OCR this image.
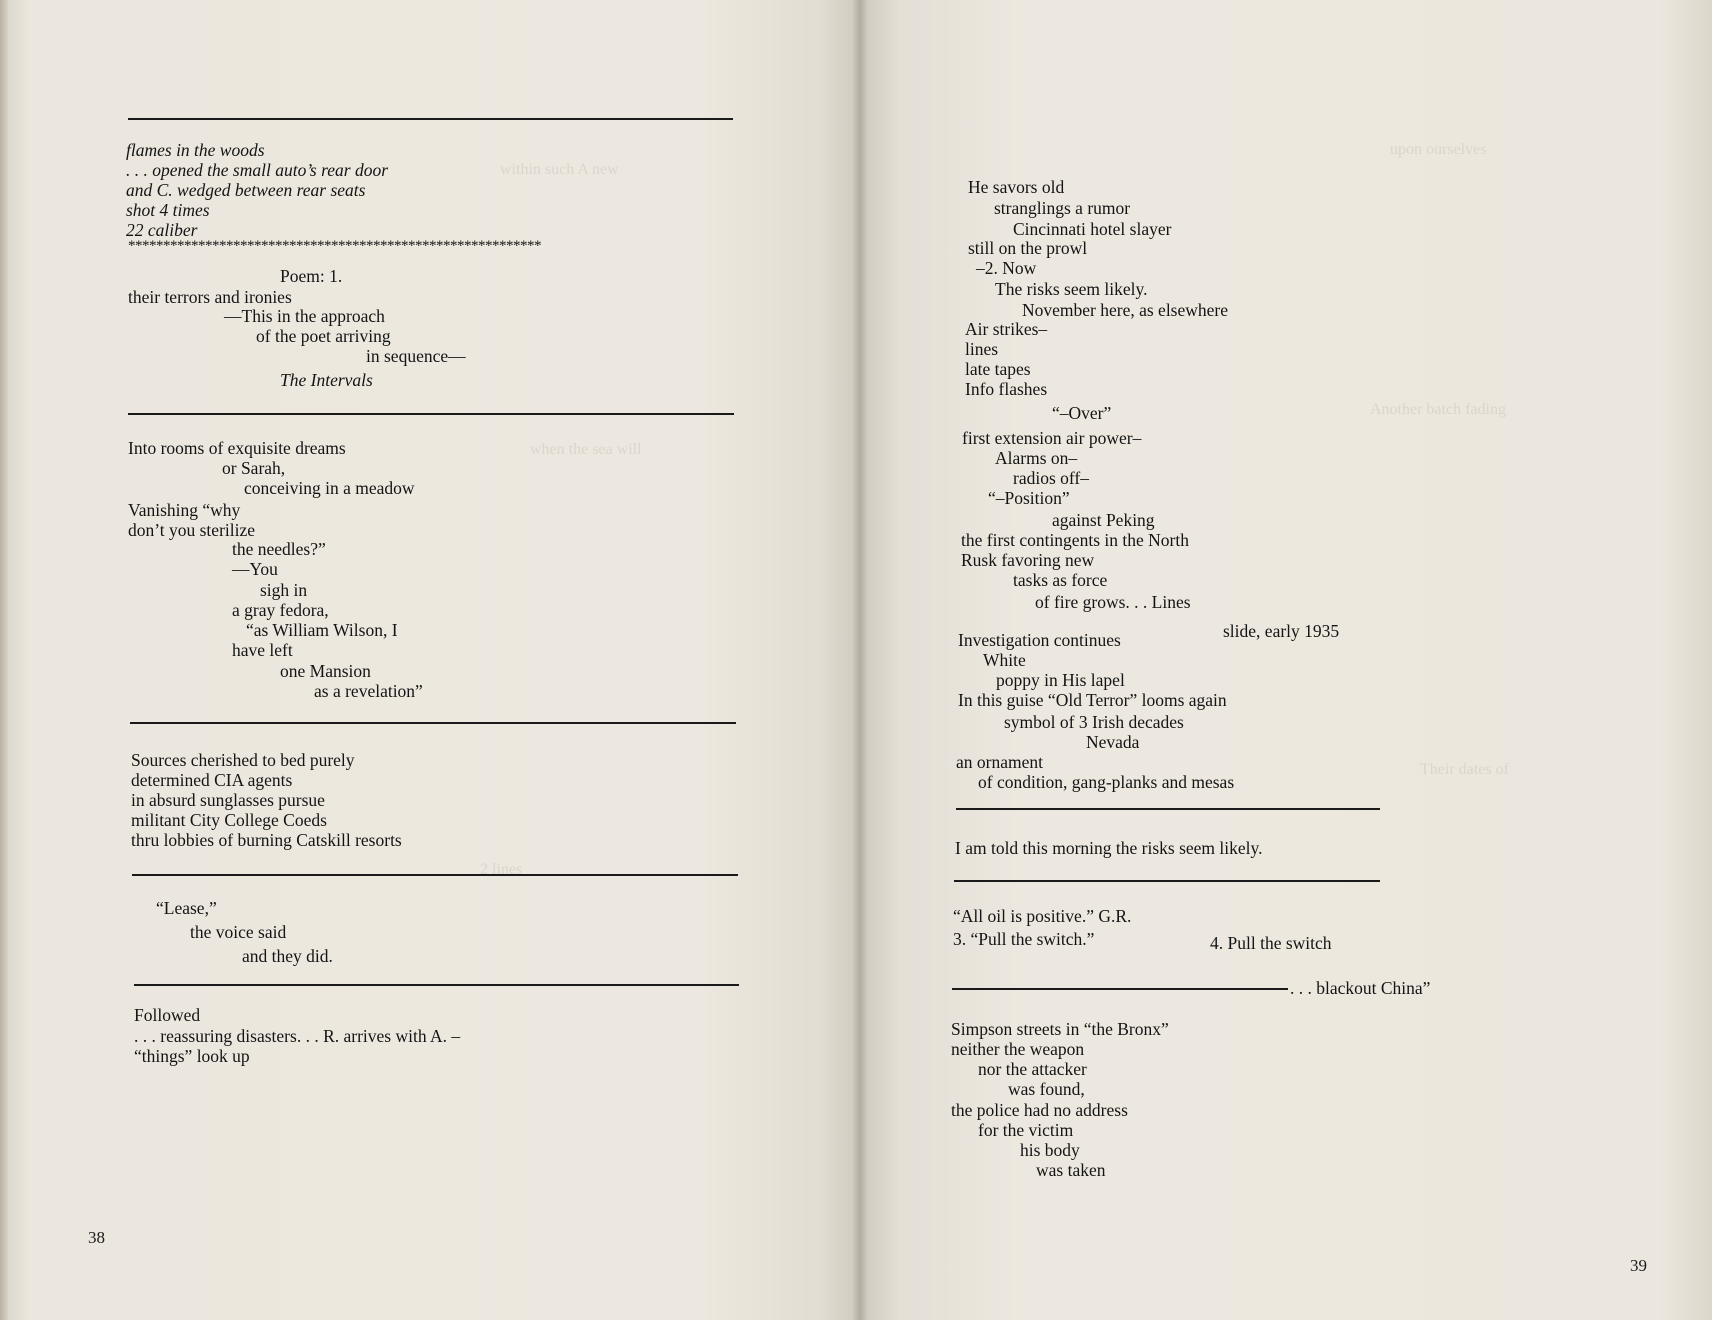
within such A new
when the sea will
2 lines
flames in the woods
. . . opened the small auto’s rear door
and C. wedged between rear seats
shot 4 times
22 caliber
***********************************************************
Poem: 1.
their terrors and ironies
—This in the approach
of the poet arriving
in sequence—
The Intervals
Into rooms of exquisite dreams
or Sarah,
conceiving in a meadow
Vanishing “why
don’t you sterilize
the needles?”
—You
sigh in
a gray fedora,
“as William Wilson, I
have left
one Mansion
as a revelation”
Sources cherished to bed purely
determined CIA agents
in absurd sunglasses pursue
militant City College Coeds
thru lobbies of burning Catskill resorts
“Lease,”
the voice said
and they did.
Followed
. . . reassuring disasters. . . R. arrives with A. –
“things” look up
38
upon ourselves
Another batch fading
Their dates of
He savors old
stranglings a rumor
Cincinnati hotel slayer
still on the prowl
–2. Now
The risks seem likely.
November here, as elsewhere
Air strikes–
lines
late tapes
Info flashes
“–Over”
first extension air power–
Alarms on–
radios off–
“–Position”
against Peking
the first contingents in the North
Rusk favoring new
tasks as force
of fire grows. . . Lines
slide, early 1935
Investigation continues
White
poppy in His lapel
In this guise “Old Terror” looms again
symbol of 3 Irish decades
Nevada
an ornament
of condition, gang-planks and mesas
I am told this morning the risks seem likely.
“All oil is positive.” G.R.
3. “Pull the switch.”	4. Pull the switch
. . . blackout China”
Simpson streets in “the Bronx”
neither the weapon
nor the attacker
was found,
the police had no address
for the victim
his body
was taken
39
